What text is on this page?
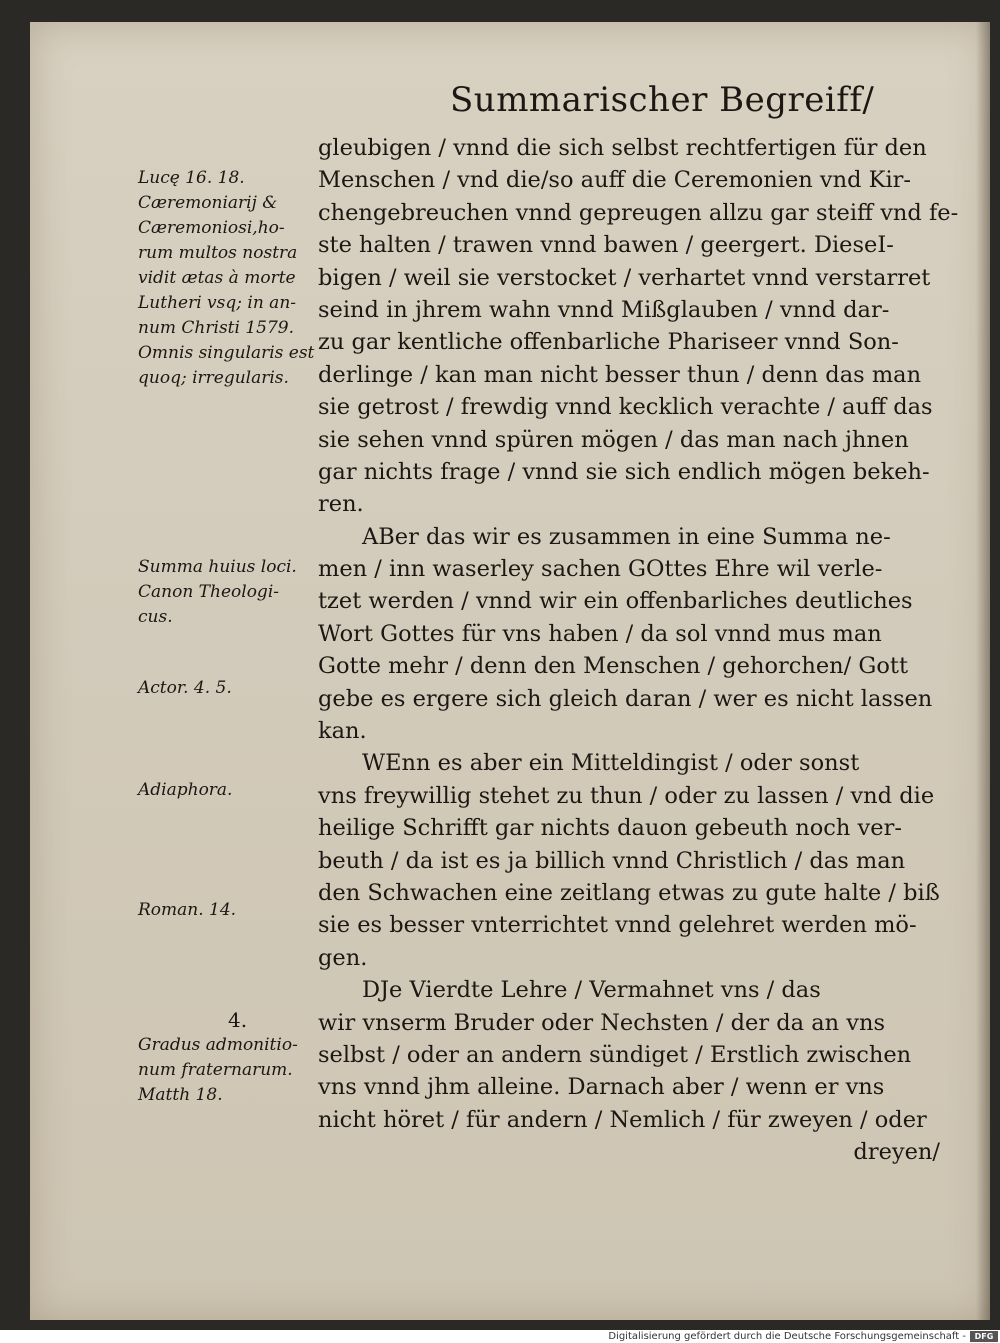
Summarischer Begreiff/
gleubigen / vnnd die sich selbst rechtfertigen für den
Menschen / vnd die/so auff die Ceremonien vnd Kir-
chengebreuchen vnnd gepreugen allzu gar steiff vnd fe-
ste halten / trawen vnnd bawen / geergert. DieseI-
bigen / weil sie verstocket / verhartet vnnd verstarret
seind in jhrem wahn vnnd Mißglauben / vnnd dar-
zu gar kentliche offenbarliche Phariseer vnnd Son-
derlinge / kan man nicht besser thun / denn das man
sie getrost / frewdig vnnd kecklich verachte / auff das
sie sehen vnnd spüren mögen / das man nach jhnen
gar nichts frage / vnnd sie sich endlich mögen bekeh-
ren.
ABer das wir es zusammen in eine Summa ne-
men / inn waserley sachen GOttes Ehre wil verle-
tzet werden / vnnd wir ein offenbarliches deutliches
Wort Gottes für vns haben / da sol vnnd mus man
Gotte mehr / denn den Menschen / gehorchen/ Gott
gebe es ergere sich gleich daran / wer es nicht lassen
kan.
WEnn es aber ein Mitteldingist / oder sonst
vns freywillig stehet zu thun / oder zu lassen / vnd die
heilige Schrifft gar nichts dauon gebeuth noch ver-
beuth / da ist es ja billich vnnd Christlich / das man
den Schwachen eine zeitlang etwas zu gute halte / biß
sie es besser vnterrichtet vnnd gelehret werden mö-
gen.
DJe Vierdte Lehre / Vermahnet vns / das
wir vnserm Bruder oder Nechsten / der da an vns
selbst / oder an andern sündiget / Erstlich zwischen
vns vnnd jhm alleine. Darnach aber / wenn er vns
nicht höret / für andern / Nemlich / für zweyen / oder
dreyen/
Lucę 16. 18.
Cæremoniarij &
Cæremoniosi,ho-
rum multos nostra
vidit ætas à morte
Lutheri vsq; in an-
num Christi 1579.
Omnis singularis est
quoq; irregularis.
Summa huius loci.
Canon Theologi-
cus.
Actor. 4. 5.
Adiaphora.
Roman. 14.
4.
Gradus admonitio-
num fraternarum.
Matth 18.
Digitalisierung gefördert durch die Deutsche Forschungsgemeinschaft -	DFG
